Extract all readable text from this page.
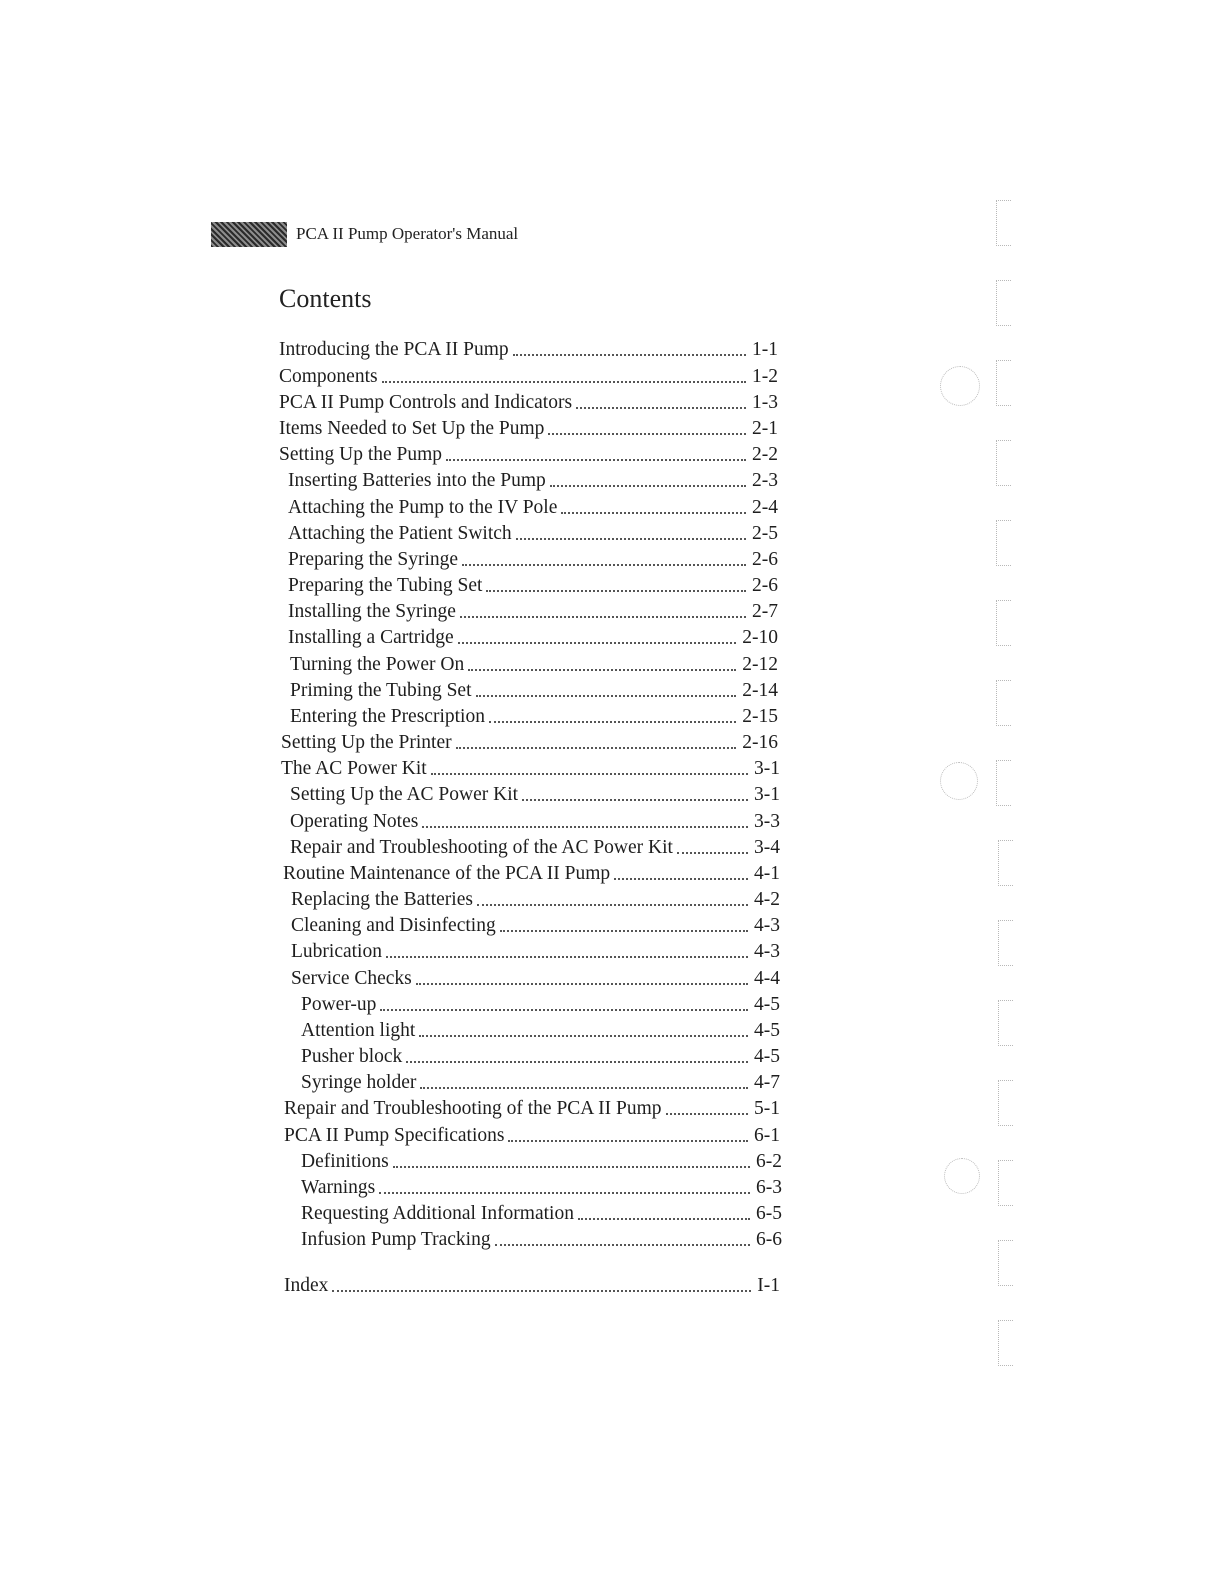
PCA II Pump Operator's Manual
Contents
Introducing the PCA II Pump	1-1
Components	1-2
PCA II Pump Controls and Indicators	1-3
Items Needed to Set Up the Pump	2-1
Setting Up the Pump	2-2
Inserting Batteries into the Pump	2-3
Attaching the Pump to the IV Pole	2-4
Attaching the Patient Switch	2-5
Preparing the Syringe	2-6
Preparing the Tubing Set	2-6
Installing the Syringe	2-7
Installing a Cartridge	2-10
Turning the Power On	2-12
Priming the Tubing Set	2-14
Entering the Prescription	2-15
Setting Up the Printer	2-16
The AC Power Kit	3-1
Setting Up the AC Power Kit	3-1
Operating Notes	3-3
Repair and Troubleshooting of the AC Power Kit	3-4
Routine Maintenance of the PCA II Pump	4-1
Replacing the Batteries	4-2
Cleaning and Disinfecting	4-3
Lubrication	4-3
Service Checks	4-4
Power-up	4-5
Attention light	4-5
Pusher block	4-5
Syringe holder	4-7
Repair and Troubleshooting of the PCA II Pump	5-1
PCA II Pump Specifications	6-1
Definitions	6-2
Warnings	6-3
Requesting Additional Information	6-5
Infusion Pump Tracking	6-6
Index	I-1
